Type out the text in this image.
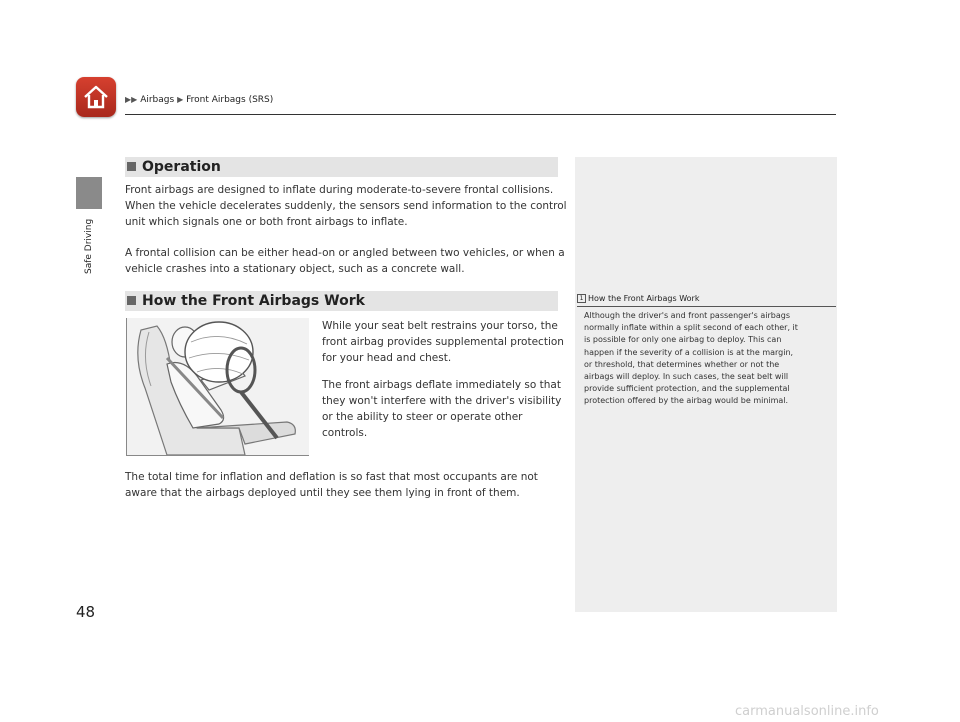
▶▶ Airbags ▶ Front Airbags (SRS)
Safe Driving
Operation
Front airbags are designed to inflate during moderate-to-severe frontal collisions.
When the vehicle decelerates suddenly, the sensors send information to the control
unit which signals one or both front airbags to inflate.
A frontal collision can be either head-on or angled between two vehicles, or when a
vehicle crashes into a stationary object, such as a concrete wall.
How the Front Airbags Work
While your seat belt restrains your torso, the
front airbag provides supplemental protection
for your head and chest.
The front airbags deflate immediately so that
they won't interfere with the driver's visibility
or the ability to steer or operate other
controls.
The total time for inflation and deflation is so fast that most occupants are not
aware that the airbags deployed until they see them lying in front of them.
1 How the Front Airbags Work
Although the driver's and front passenger's airbags
normally inflate within a split second of each other, it
is possible for only one airbag to deploy. This can
happen if the severity of a collision is at the margin,
or threshold, that determines whether or not the
airbags will deploy. In such cases, the seat belt will
provide sufficient protection, and the supplemental
protection offered by the airbag would be minimal.
48
carmanualsonline.info
